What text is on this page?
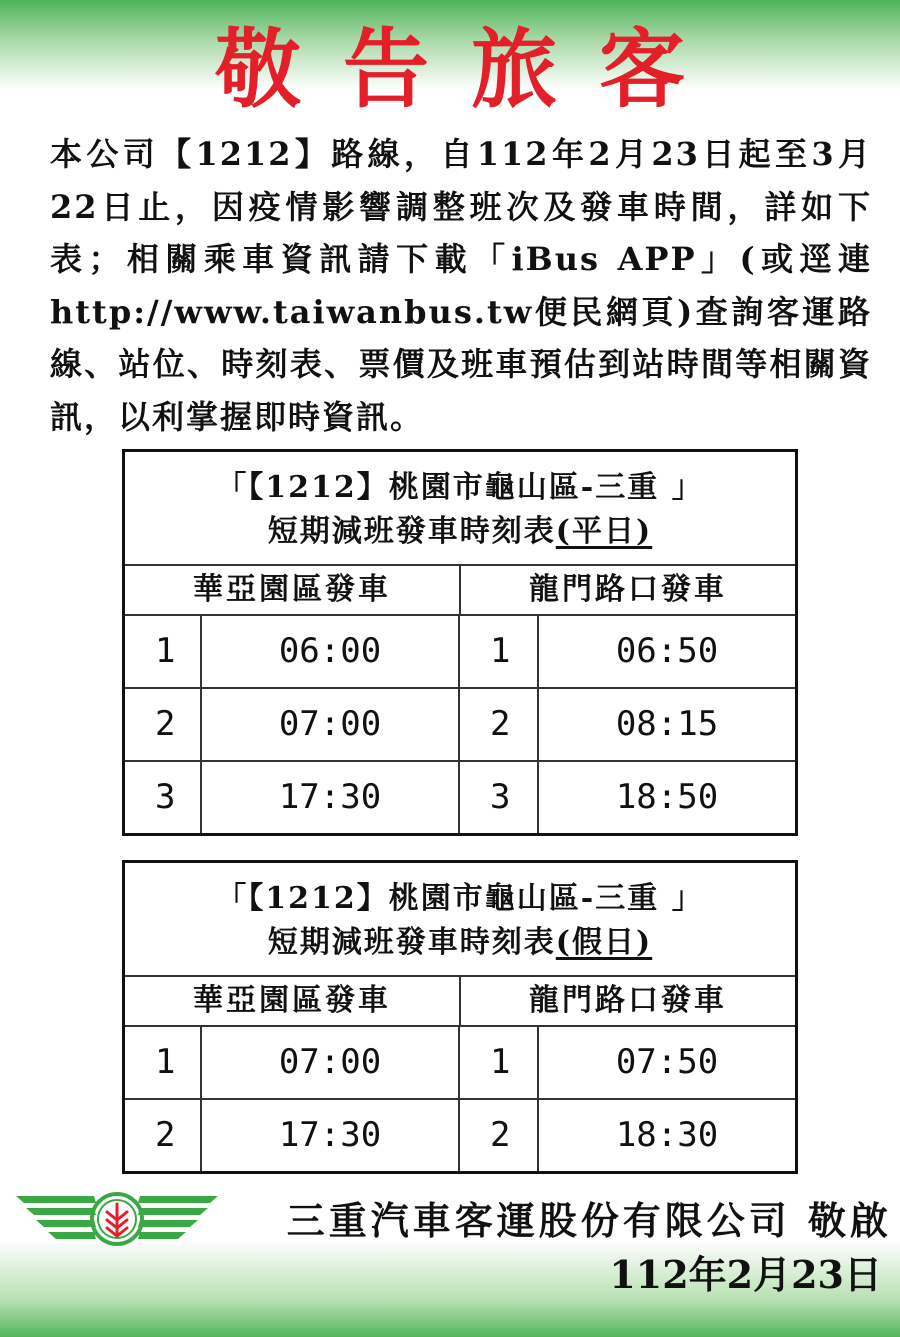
敬告旅客

本公司【1212】路線，自112年2月23日起至3月22日止，因疫情影響調整班次及發車時間，詳如下表；相關乘車資訊請下載「iBus APP」(或逕連http://www.taiwanbus.tw便民網頁)查詢客運路線、站位、時刻表、票價及班車預估到站時間等相關資訊，以利掌握即時資訊。

「【1212】桃園市龜山區-三重 」
短期減班發車時刻表(平日)
華亞園區發車	龍門路口發車
1	06:00	1	06:50
2	07:00	2	08:15
3	17:30	3	18:50
「【1212】桃園市龜山區-三重 」
短期減班發車時刻表(假日)
華亞園區發車	龍門路口發車
1	07:00	1	07:50
2	17:30	2	18:30
三重汽車客運股份有限公司 敬啟
112年2月23日
